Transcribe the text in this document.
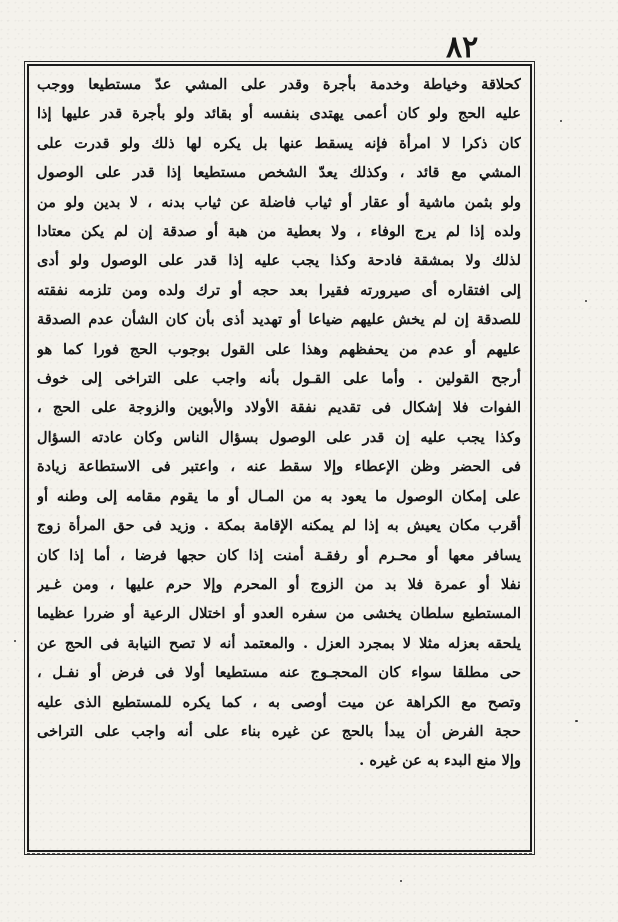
٨٢
كحلاقة وخياطة وخدمة بأجرة وقدر على المشي عدّ مستطيعا ووجب
عليه الحج ولو كان أعمى يهتدى بنفسه أو بقائد ولو بأجرة قدر عليها إذا
كان ذكرا لا امرأة فإنه يسقط عنها بل يكره لها ذلك ولو قدرت على
المشي مع قائد ، وكذلك يعدّ الشخص مستطيعا إذا قدر على الوصول
ولو بثمن ماشية أو عقار أو ثياب فاضلة عن ثياب بدنه ، لا بدين ولو من
ولده إذا لم يرج الوفاء ، ولا بعطية من هبة أو صدقة إن لم يكن معتادا
لذلك ولا بمشقة فادحة وكذا يجب عليه إذا قدر على الوصول ولو أدى
إلى افتقاره أى صيرورته فقيرا بعد حجه أو ترك ولده ومن تلزمه نفقته
للصدقة إن لم يخش عليهم ضياعا أو تهديد أذى بأن كان الشأن عدم الصدقة
عليهم أو عدم من يحفظهم وهذا على القول بوجوب الحج فورا كما هو
أرجح القولين . وأما على القـول بأنه واجب على التراخى إلى خوف
الفوات فلا إشكال فى تقديم نفقة الأولاد والأبوين والزوجة على الحج ،
وكذا يجب عليه إن قدر على الوصول بسؤال الناس وكان عادته السؤال
فى الحضر وظن الإعطاء وإلا سقط عنه ، واعتبر فى الاستطاعة زيادة
على إمكان الوصول ما يعود به من المـال أو ما يقوم مقامه إلى وطنه أو
أقرب مكان يعيش به إذا لم يمكنه الإقامة بمكة . وزيد فى حق المرأة زوج
يسافر معها أو محـرم أو رفقـة أمنت إذا كان حجها فرضا ، أما إذا كان
نفلا أو عمرة فلا بد من الزوج أو المحرم وإلا حرم عليها ، ومن غـير
المستطيع سلطان يخشى من سفره العدو أو اختلال الرعية أو ضررا عظيما
يلحقه بعزله مثلا لا بمجرد العزل . والمعتمد أنه لا تصح النيابة فى الحج عن
حى مطلقا سواء كان المحجـوج عنه مستطيعا أولا فى فرض أو نفـل ،
وتصح مع الكراهة عن ميت أوصى به ، كما يكره للمستطيع الذى عليه
حجة الفرض أن يبدأ بالحج عن غيره بناء على أنه واجب على التراخى
وإلا منع البدء به عن غيره .
